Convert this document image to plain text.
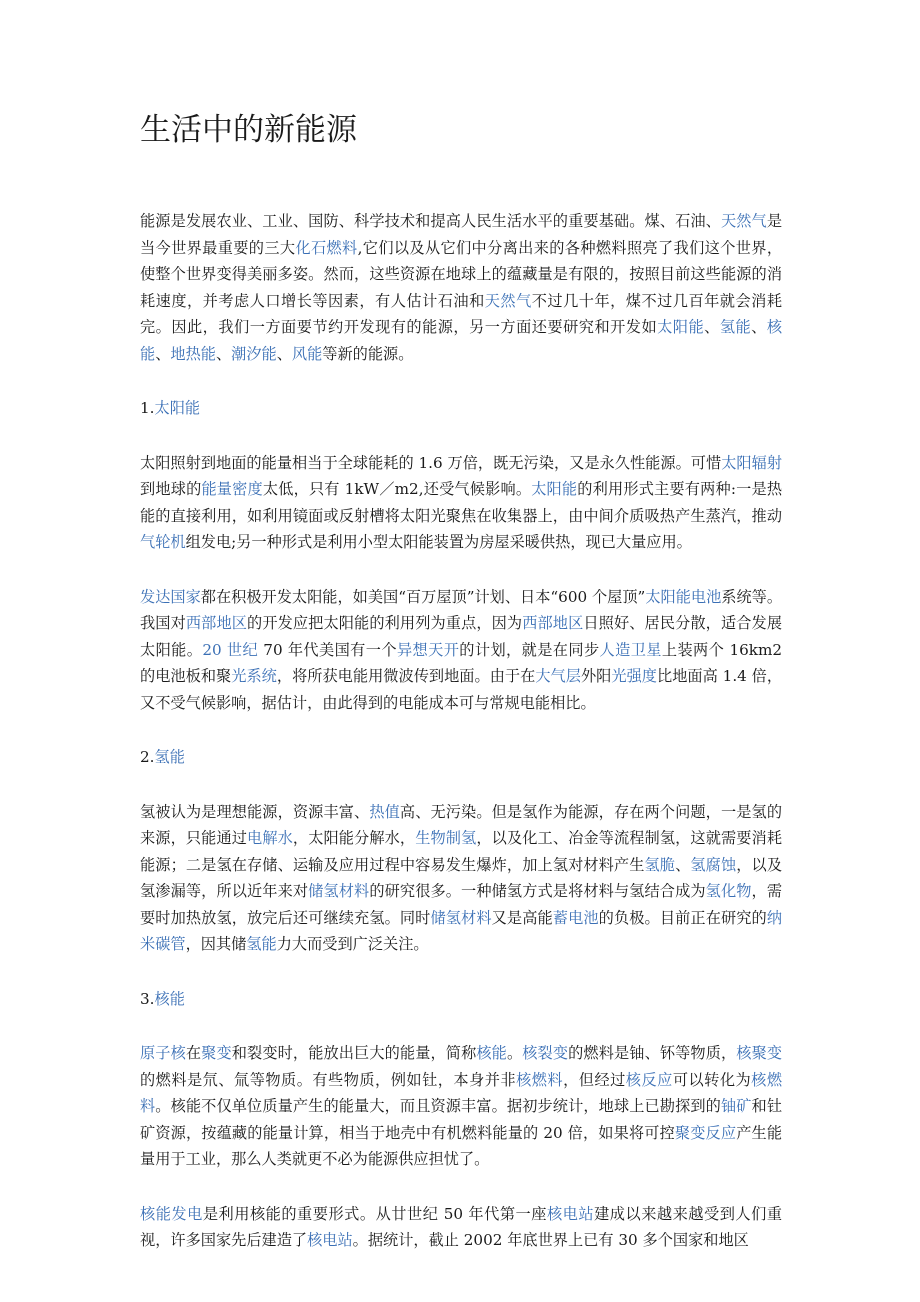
生活中的新能源

能源是发展农业、工业、国防、科学技术和提高人民生活水平的重要基础。煤、石油、天然气是当今世界最重要的三大化石燃料,它们以及从它们中分离出来的各种燃料照亮了我们这个世界，使整个世界变得美丽多姿。然而，这些资源在地球上的蕴藏量是有限的，按照目前这些能源的消耗速度，并考虑人口增长等因素，有人估计石油和天然气不过几十年，煤不过几百年就会消耗完。因此，我们一方面要节约开发现有的能源，另一方面还要研究和开发如太阳能、氢能、核能、地热能、潮汐能、风能等新的能源。

1.太阳能

太阳照射到地面的能量相当于全球能耗的 1.6 万倍，既无污染，又是永久性能源。可惜太阳辐射到地球的能量密度太低，只有 1kW／m2,还受气候影响。太阳能的利用形式主要有两种:一是热能的直接利用，如利用镜面或反射槽将太阳光聚焦在收集器上，由中间介质吸热产生蒸汽，推动气轮机组发电;另一种形式是利用小型太阳能装置为房屋采暖供热，现已大量应用。

发达国家都在积极开发太阳能，如美国“百万屋顶”计划、日本“600 个屋顶”太阳能电池系统等。我国对西部地区的开发应把太阳能的利用列为重点，因为西部地区日照好、居民分散，适合发展太阳能。20 世纪 70 年代美国有一个异想天开的计划，就是在同步人造卫星上装两个 16km2 的电池板和聚光系统，将所获电能用微波传到地面。由于在大气层外阳光强度比地面高 1.4 倍，又不受气候影响，据估计，由此得到的电能成本可与常规电能相比。

2.氢能

氢被认为是理想能源，资源丰富、热值高、无污染。但是氢作为能源，存在两个问题，一是氢的来源，只能通过电解水，太阳能分解水，生物制氢，以及化工、冶金等流程制氢，这就需要消耗能源；二是氢在存储、运输及应用过程中容易发生爆炸，加上氢对材料产生氢脆、氢腐蚀，以及氢渗漏等，所以近年来对储氢材料的研究很多。一种储氢方式是将材料与氢结合成为氢化物，需要时加热放氢，放完后还可继续充氢。同时储氢材料又是高能蓄电池的负极。目前正在研究的纳米碳管，因其储氢能力大而受到广泛关注。

3.核能

原子核在聚变和裂变时，能放出巨大的能量，简称核能。核裂变的燃料是铀、钚等物质，核聚变的燃料是氘、氚等物质。有些物质，例如钍，本身并非核燃料，但经过核反应可以转化为核燃料。核能不仅单位质量产生的能量大，而且资源丰富。据初步统计，地球上已勘探到的铀矿和钍矿资源，按蕴藏的能量计算，相当于地壳中有机燃料能量的 20 倍，如果将可控聚变反应产生能量用于工业，那么人类就更不必为能源供应担忧了。

核能发电是利用核能的重要形式。从廿世纪 50 年代第一座核电站建成以来越来越受到人们重视，许多国家先后建造了核电站。据统计，截止 2002 年底世界上已有 30 多个国家和地区
